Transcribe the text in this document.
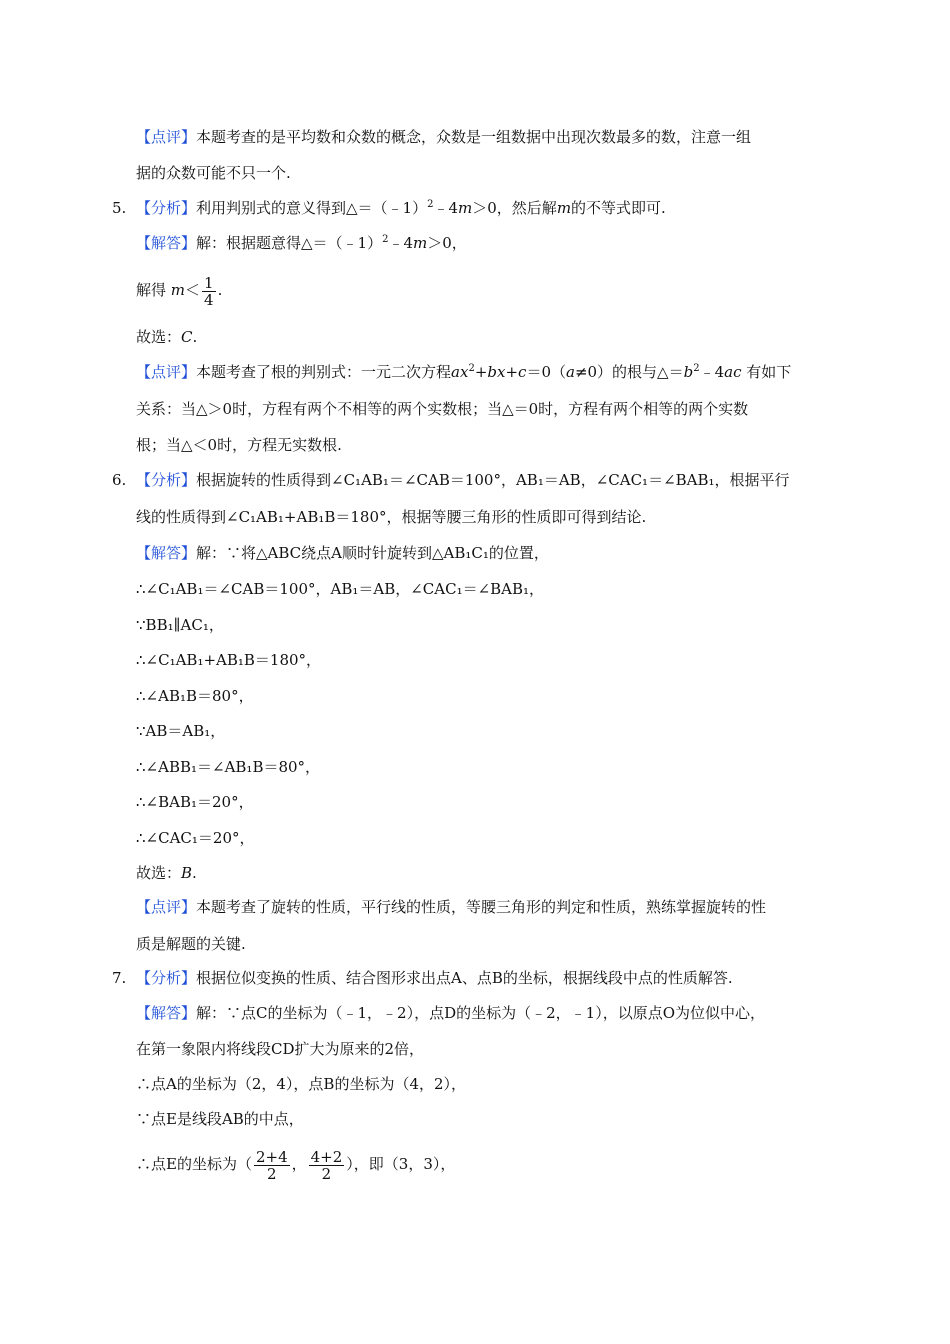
【点评】本题考查的是平均数和众数的概念，众数是一组数据中出现次数最多的数，注意一组
据的众数可能不只一个.
5. 【分析】利用判别式的意义得到△＝（﹣1）$^2$﹣4m＞0，然后解m的不等式即可.
【解答】解：根据题意得△＝（﹣1）$^2$﹣4m＞0，
解得 $m< \frac{1}{4}$ .
故选：C.
【点评】本题考查了根的判别式：一元二次方程$ax^2+bx+c=0(a\ne 0)$的根与$\triangle=b^2﹣4ac$ 有如下
关系：当△＞0时，方程有两个不相等的两个实数根；当△＝0时，方程有两个相等的两个实数
根；当△＜0时，方程无实数根.
6. 【分析】根据旋转的性质得到∠C₁AB₁＝∠CAB＝100°，AB₁＝AB，∠CAC₁＝∠BAB₁，根据平行
线的性质得到∠C₁AB₁+AB₁B＝180°，根据等腰三角形的性质即可得到结论.
【解答】解：∵将△ABC绕点A顺时针旋转到△AB₁C₁的位置，
∴∠C₁AB₁＝∠CAB＝100°，AB₁＝AB，∠CAC₁＝∠BAB₁，
∵BB₁∥AC₁，
∴∠C₁AB₁+AB₁B＝180°，
∴∠AB₁B＝80°，
∵AB＝AB₁，
∴∠ABB₁＝∠AB₁B＝80°，
∴∠BAB₁＝20°，
∴∠CAC₁＝20°，
故选：B.
【点评】本题考查了旋转的性质，平行线的性质，等腰三角形的判定和性质，熟练掌握旋转的性
质是解题的关键.
7. 【分析】根据位似变换的性质、结合图形求出点A、点B的坐标，根据线段中点的性质解答.
【解答】解：∵点C的坐标为（﹣1，﹣2），点D的坐标为（﹣2，﹣1），以原点O为位似中心，
在第一象限内将线段CD扩大为原来的2倍，
∴点A的坐标为（2，4），点B的坐标为（4，2），
∵点E是线段AB的中点，
∴点E的坐标为（ $\frac{2+4}{2}$ ， $\frac{4+2}{2}$ ），即（3，3），
